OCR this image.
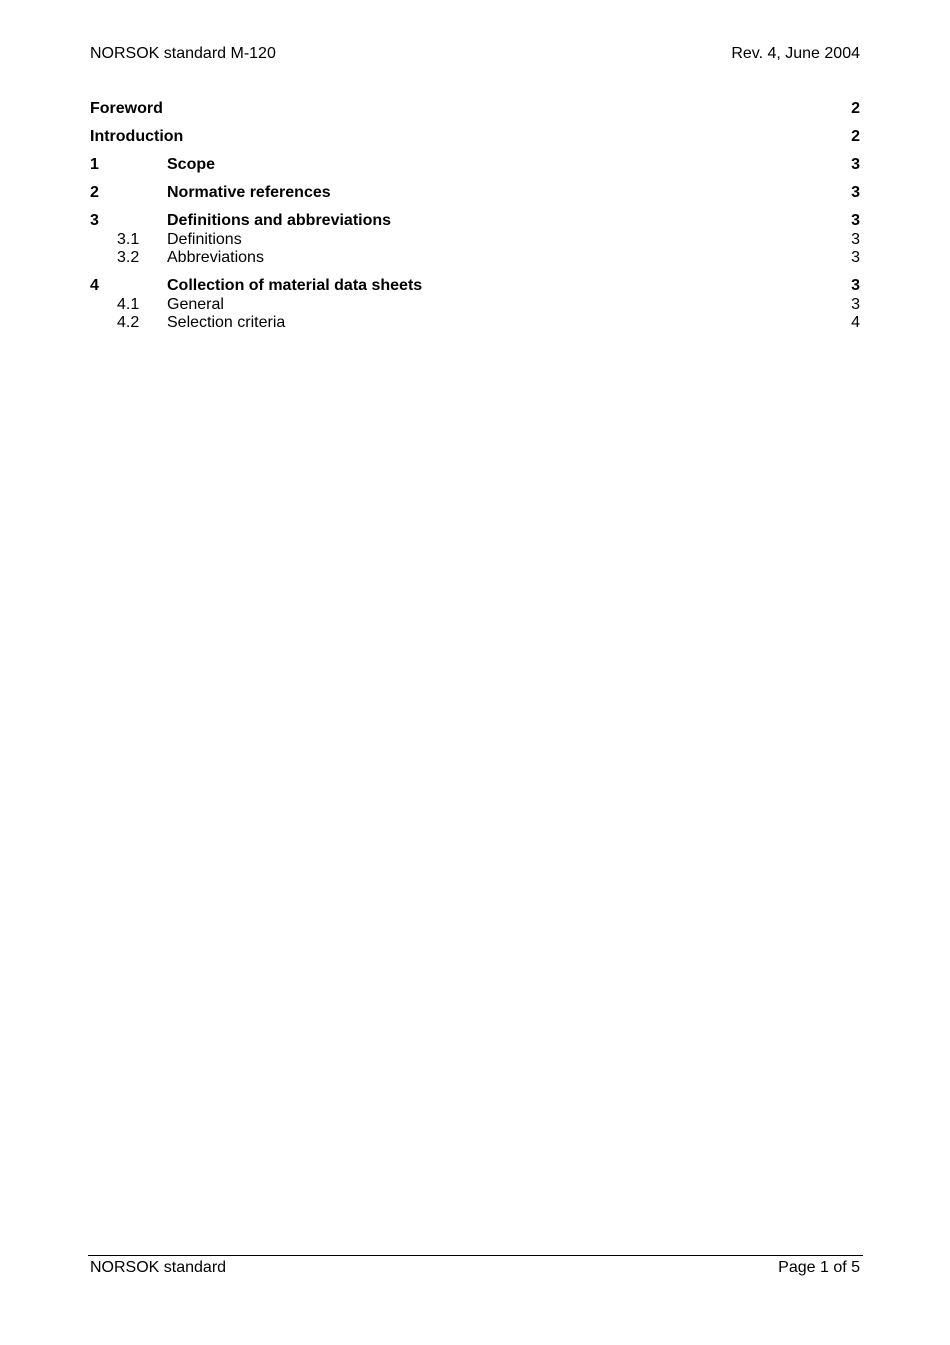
NORSOK standard M-120	Rev. 4, June 2004
Foreword	2
Introduction	2
1	Scope	3
2	Normative references	3
3	Definitions and abbreviations	3
3.1	Definitions	3
3.2	Abbreviations	3
4	Collection of material data sheets	3
4.1	General	3
4.2	Selection criteria	4
NORSOK standard	Page 1 of 5
